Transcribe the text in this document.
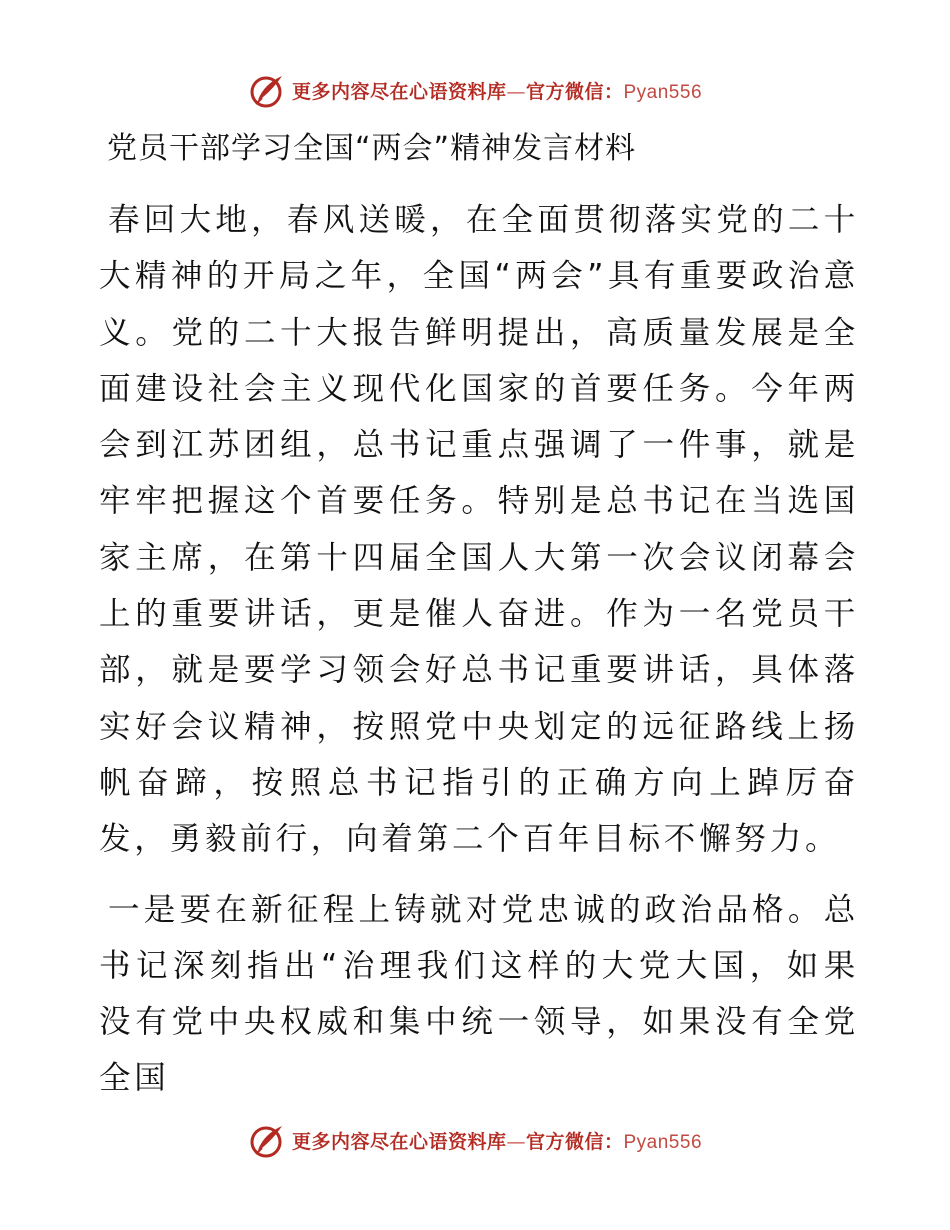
更多内容尽在心语资料库—官方微信：Pyan556
党员干部学习全国“两会”精神发言材料
春回大地，春风送暖，在全面贯彻落实党的二十大精神的开局之年，全国“两会”具有重要政治意义。党的二十大报告鲜明提出，高质量发展是全面建设社会主义现代化国家的首要任务。今年两会到江苏团组，总书记重点强调了一件事，就是牢牢把握这个首要任务。特别是总书记在当选国家主席，在第十四届全国人大第一次会议闭幕会上的重要讲话，更是催人奋进。作为一名党员干部，就是要学习领会好总书记重要讲话，具体落实好会议精神，按照党中央划定的远征路线上扬帆奋蹄，按照总书记指引的正确方向上踔厉奋发，勇毅前行，向着第二个百年目标不懈努力。
一是要在新征程上铸就对党忠诚的政治品格。总书记深刻指出“治理我们这样的大党大国，如果没有党中央权威和集中统一领导，如果没有全党全国
更多内容尽在心语资料库—官方微信：Pyan556
